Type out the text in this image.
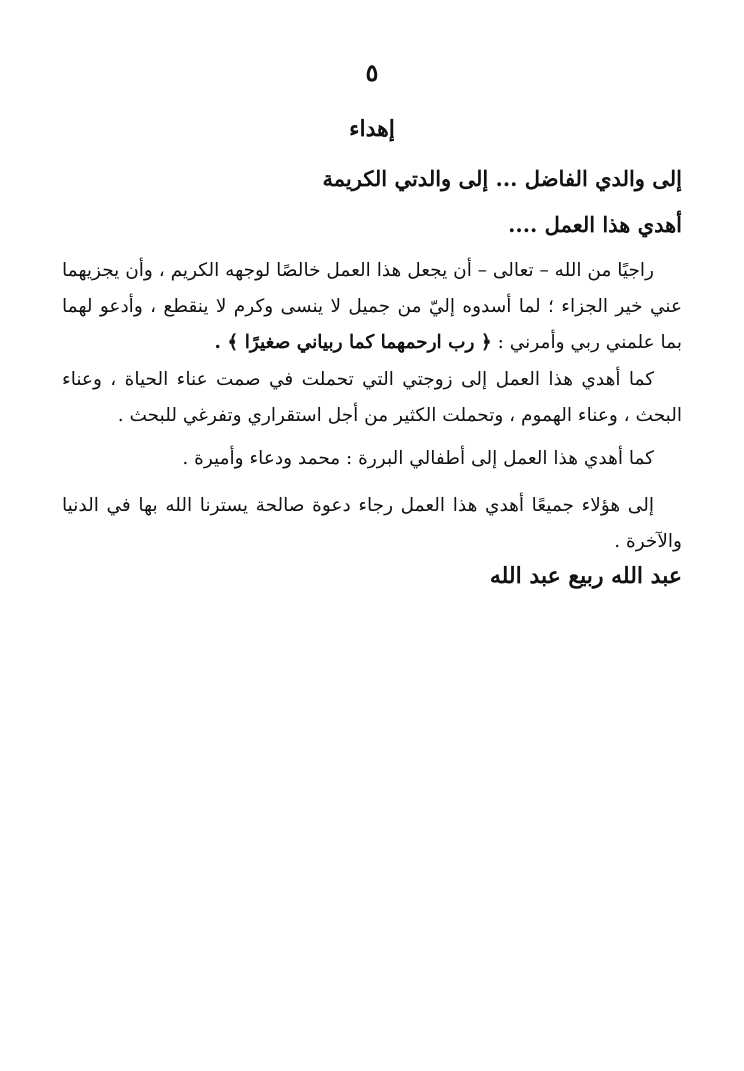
٥
إهداء
إلى والدي الفاضل ... إلى والدتي الكريمة
أهدي هذا العمل ....
راجيًا من الله – تعالى – أن يجعل هذا العمل خالصًا لوجهه الكريم ، وأن يجزيهما عني خير الجزاء ؛ لما أسدوه إليّ من جميل لا ينسى وكرم لا ينقطع ، وأدعو لهما بما علمني ربي وأمرني : ﴿ رب ارحمهما كما ربياني صغيرًا ﴾ .
كما أهدي هذا العمل إلى زوجتي التي تحملت في صمت عناء الحياة ، وعناء البحث ، وعناء الهموم ، وتحملت الكثير من أجل استقراري وتفرغي للبحث .
كما أهدي هذا العمل إلى أطفالي البررة : محمد ودعاء وأميرة .
إلى هؤلاء جميعًا أهدي هذا العمل رجاء دعوة صالحة يسترنا الله بها في الدنيا والآخرة .
عبد الله ربيع عبد الله
